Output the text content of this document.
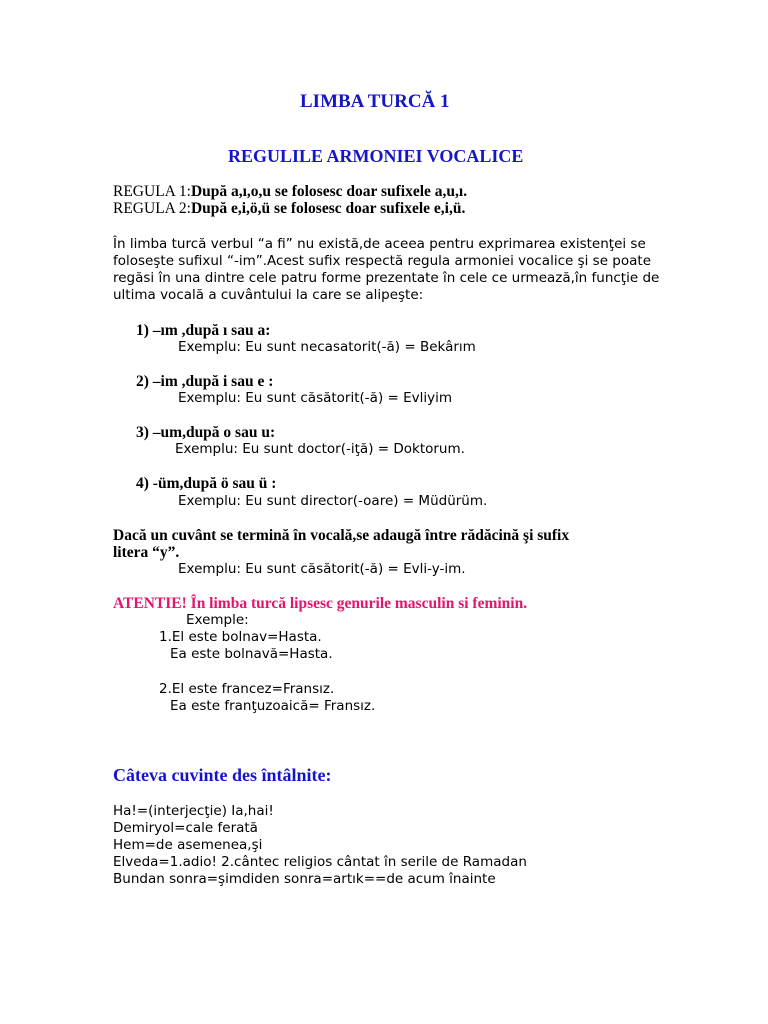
LIMBA TURCĂ 1
REGULILE ARMONIEI VOCALICE
REGULA 1:După a,ı,o,u se folosesc doar sufixele a,u,ı.
REGULA 2:După e,i,ö,ü se folosesc doar sufixele e,i,ü.
În limba turcă verbul “a fi” nu există,de aceea pentru exprimarea existenţei se
foloseşte sufixul “-im”.Acest sufix respectă regula armoniei vocalice şi se poate
regăsi în una dintre cele patru forme prezentate în cele ce urmează,în funcţie de
ultima vocală a cuvântului la care se alipeşte:
1) –ım ,după ı sau a:
Exemplu: Eu sunt necasatorit(-ă) = Bekârım
2) –im ,după i sau e :
Exemplu: Eu sunt căsătorit(-ă) = Evliyim
3) –um,după o sau u:
Exemplu: Eu sunt doctor(-iţă) = Doktorum.
4) -üm,după ö sau ü :
Exemplu: Eu sunt director(-oare) = Müdürüm.
Dacă un cuvânt se termină în vocală,se adaugă între rădăcină şi sufix
litera “y”.
Exemplu: Eu sunt căsătorit(-ă) = Evli-y-im.
ATENTIE! În limba turcă lipsesc genurile masculin si feminin.
Exemple:
1.El este bolnav=Hasta.
Ea este bolnavă=Hasta.
2.El este francez=Fransız.
Ea este franţuzoaică= Fransız.
Câteva cuvinte des întâlnite:
Ha!=(interjecţie) Ia,hai!
Demiryol=cale ferată
Hem=de asemenea,şi
Elveda=1.adio! 2.cântec religios cântat în serile de Ramadan
Bundan sonra=şimdiden sonra=artık==de acum înainte
